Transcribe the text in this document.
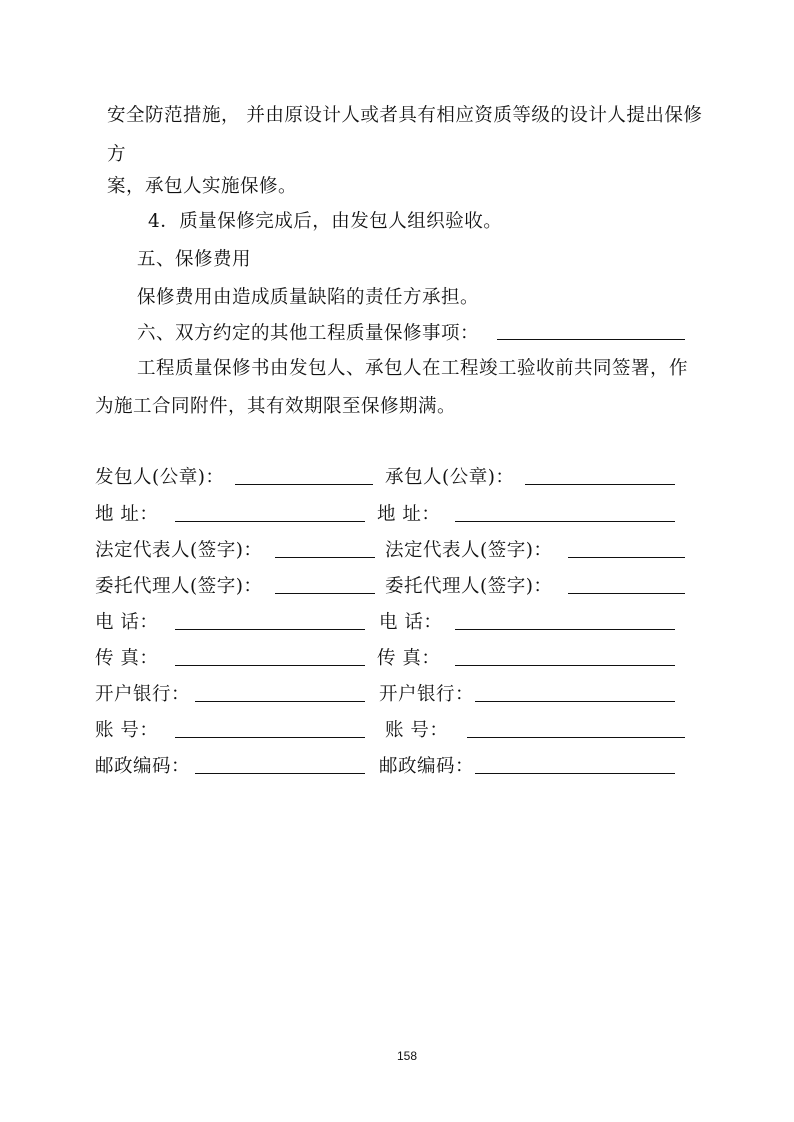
安全防范措施， 并由原设计人或者具有相应资质等级的设计人提出保修
方
案，承包人实施保修。
4．质量保修完成后，由发包人组织验收。
五、保修费用
保修费用由造成质量缺陷的责任方承担。
六、双方约定的其他工程质量保修事项：
工程质量保修书由发包人、承包人在工程竣工验收前共同签署，作
为施工合同附件，其有效期限至保修期满。
发包人(公章)：
地 址：
法定代表人(签字)：
委托代理人(签字)：
电 话：
传 真：
开户银行：
账 号：
邮政编码：
承包人(公章)：
地 址：
法定代表人(签字)：
委托代理人(签字)：
电 话：
传 真：
开户银行：
账 号：
邮政编码：
158
